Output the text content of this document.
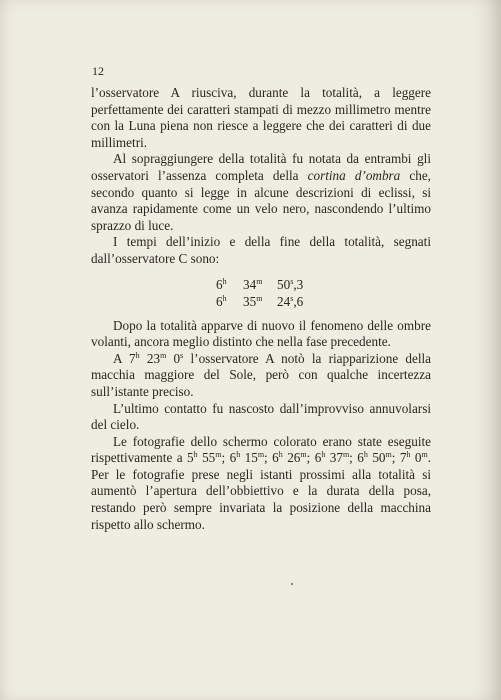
12

l’osservatore A riusciva, durante la totalità, a leggere perfettamente dei caratteri stampati di mezzo millimetro mentre con la Luna piena non riesce a leggere che dei caratteri di due millimetri.

Al sopraggiungere della totalità fu notata da entrambi gli osservatori l’assenza completa della cortina d’ombra che, secondo quanto si legge in alcune descrizioni di eclissi, si avanza rapidamente come un velo nero, nascondendo l’ultimo sprazzo di luce.

I tempi dell’inizio e della fine della totalità, segnati dall’osservatore C sono:

6$^h$	34$^m$	50$^s$,3
6$^h$	35$^m$	24$^s$,6

Dopo la totalità apparve di nuovo il fenomeno delle ombre volanti, ancora meglio distinto che nella fase precedente.

A 7$^h$ 23$^m$ 0$^s$ l’osservatore A notò la riapparizione della macchia maggiore del Sole, però con qualche incertezza sull’istante preciso.

L’ultimo contatto fu nascosto dall’improvviso annuvolarsi del cielo.

Le fotografie dello schermo colorato erano state eseguite rispettivamente a 5$^h$ 55$^m$; 6$^h$ 15$^m$; 6$^h$ 26$^m$; 6$^h$ 37$^m$; 6$^h$ 50$^m$; 7$^h$ 0$^m$. Per le fotografie prese negli istanti prossimi alla totalità si aumentò l’apertura dell’obbiettivo e la durata della posa, restando però sempre invariata la posizione della macchina rispetto allo schermo.
